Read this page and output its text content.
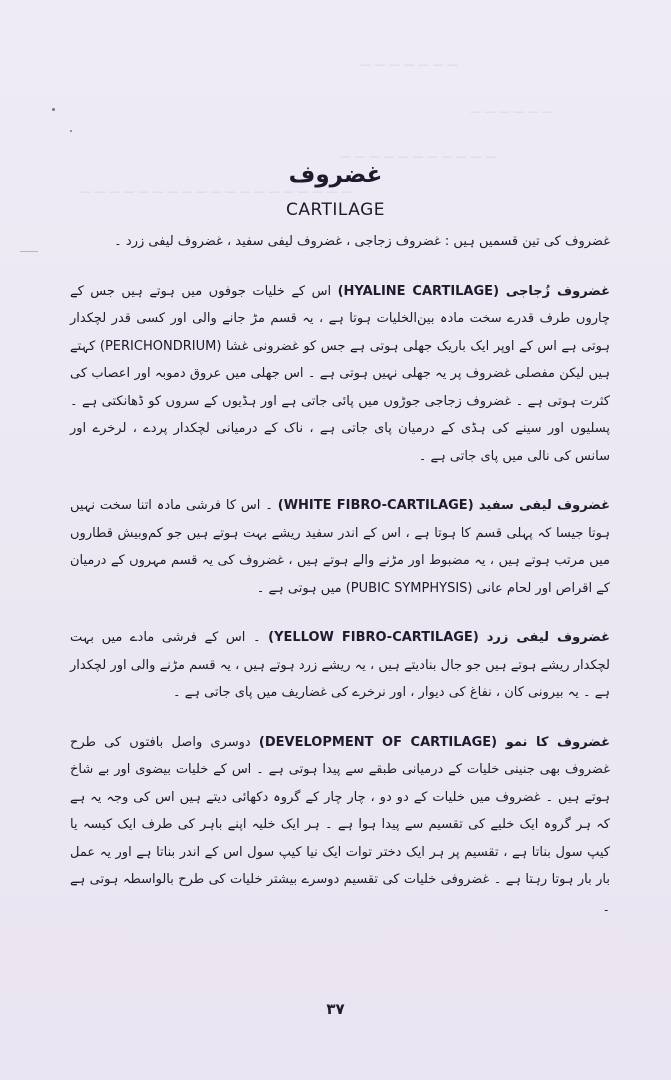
— — — — — — —
— — — — — —
— — — — — — — — — — —
— — — — — — — — — — — — — — — — — — —
غضروف
CARTILAGE

غضروف کی تین قسمیں ہیں : غضروف زجاجی ، غضروف لیفی سفید ، غضروف لیفی زرد ۔

غضروف زُجاجی (HYALINE CARTILAGE) اس کے خلیات جوفوں میں ہوتے ہیں جس کے چاروں طرف قدرے سخت مادہ بین‌الخلیات ہوتا ہے ، یہ قسم مڑ جانے والی اور کسی قدر لچکدار ہوتی ہے اس کے اوپر ایک باریک جھلی ہوتی ہے جس کو غضرونی غشا (PERICHONDRIUM) کہتے ہیں لیکن مفصلی غضروف پر یہ جھلی نہیں ہوتی ہے ۔ اس جھلی میں عروق دموبہ اور اعصاب کی کثرت ہوتی ہے ۔ غضروف زجاجی جوڑوں میں پائی جاتی ہے اور ہڈیوں کے سروں کو ڈھانکتی ہے ۔ پسلیوں اور سینے کی ہڈی کے درمیان پای جاتی ہے ، ناک کے درمیانی لچکدار پردے ، لرخرے اور سانس کی نالی میں پای جاتی ہے ۔

غضروف لیفی سفید (WHITE FIBRO-CARTILAGE) ۔ اس کا فرشی مادہ اتنا سخت نہیں ہوتا جیسا کہ پہلی قسم کا ہوتا ہے ، اس کے اندر سفید ریشے بہت ہوتے ہیں جو کم‌وبیش قطاروں میں مرتب ہوتے ہیں ، یہ مضبوط اور مڑنے والے ہوتے ہیں ، غضروف کی یہ قسم مہروں کے درمیان کے اقراص اور لحام عانی (PUBIC SYMPHYSIS) میں ہوتی ہے ۔

غضروف لیفی زرد (YELLOW FIBRO-CARTILAGE) ۔ اس کے فرشی مادے میں بہت لچکدار ریشے ہوتے ہیں جو جال بنادیتے ہیں ، یہ ریشے زرد ہوتے ہیں ، یہ قسم مڑنے والی اور لچکدار ہے ۔ یہ بیرونی کان ، نفاغ کی دیوار ، اور نرخرے کی غضاریف میں پای جاتی ہے ۔

غضروف کا نمو (DEVELOPMENT OF CARTILAGE) دوسری واصل بافتوں کی طرح غضروف بھی جنینی خلیات کے درمیانی طبقے سے پیدا ہوتی ہے ۔ اس کے خلیات بیضوی اور بے شاخ ہوتے ہیں ۔ غضروف میں خلیات کے دو دو ، چار چار کے گروہ دکھائی دیتے ہیں اس کی وجہ یہ ہے کہ ہر گروہ ایک خلیے کی تقسیم سے پیدا ہوا ہے ۔ ہر ایک خلیہ اپنے باہر کی طرف ایک کیسہ یا کیپ سول بناتا ہے ، تقسیم پر ہر ایک دختر توات ایک نیا کیپ سول اس کے اندر بناتا ہے اور یہ عمل بار بار ہوتا رہتا ہے ۔ غضروفی خلیات کی تقسیم دوسرے بیشتر خلیات کی طرح بالواسطہ ہوتی ہے ۔

۳۷
